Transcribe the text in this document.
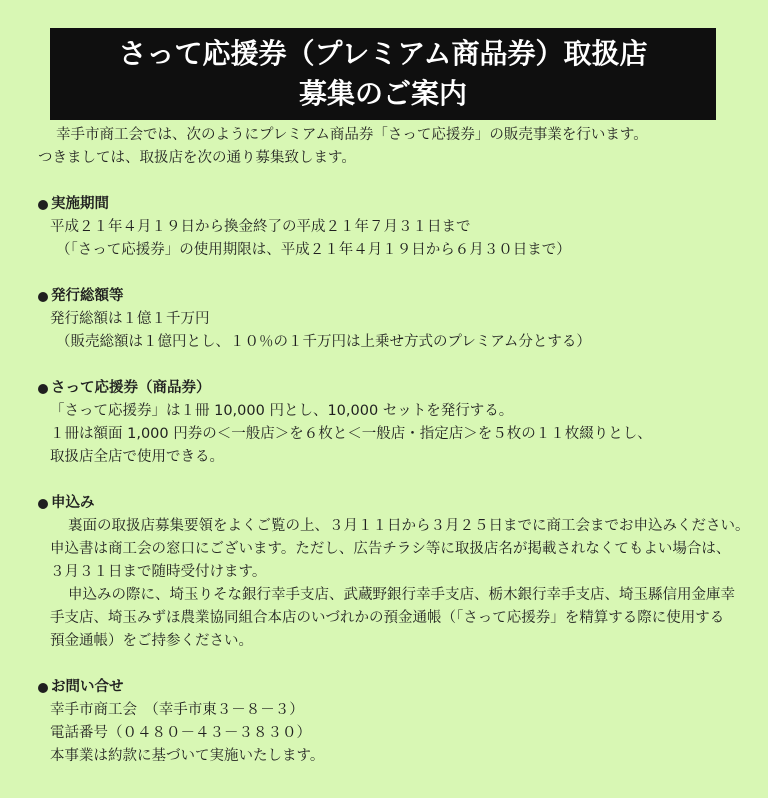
さって応援券（プレミアム商品券）取扱店
募集のご案内

幸手市商工会では、次のようにプレミアム商品券「さって応援券」の販売事業を行います。

つきましては、取扱店を次の通り募集致します。

実施期間

平成２１年４月１９日から換金終了の平成２１年７月３１日まで

（「さって応援券」の使用期限は、平成２１年４月１９日から６月３０日まで）

発行総額等

発行総額は１億１千万円

（販売総額は１億円とし、１０％の１千万円は上乗せ方式のプレミアム分とする）

さって応援券（商品券）

「さって応援券」は１冊 10,000 円とし、10,000 セットを発行する。

１冊は額面 1,000 円券の＜一般店＞を６枚と＜一般店・指定店＞を５枚の１１枚綴りとし、

取扱店全店で使用できる。

申込み

裏面の取扱店募集要領をよくご覧の上、３月１１日から３月２５日までに商工会までお申込みください。

申込書は商工会の窓口にございます。ただし、広告チラシ等に取扱店名が掲載されなくてもよい場合は、

３月３１日まで随時受付けます。

申込みの際に、埼玉りそな銀行幸手支店、武蔵野銀行幸手支店、栃木銀行幸手支店、埼玉縣信用金庫幸

手支店、埼玉みずほ農業協同組合本店のいづれかの預金通帳（「さって応援券」を精算する際に使用する

預金通帳）をご持参ください。

お問い合せ

幸手市商工会　（幸手市東３－８－３）

電話番号（０４８０－４３－３８３０）

本事業は約款に基づいて実施いたします。
